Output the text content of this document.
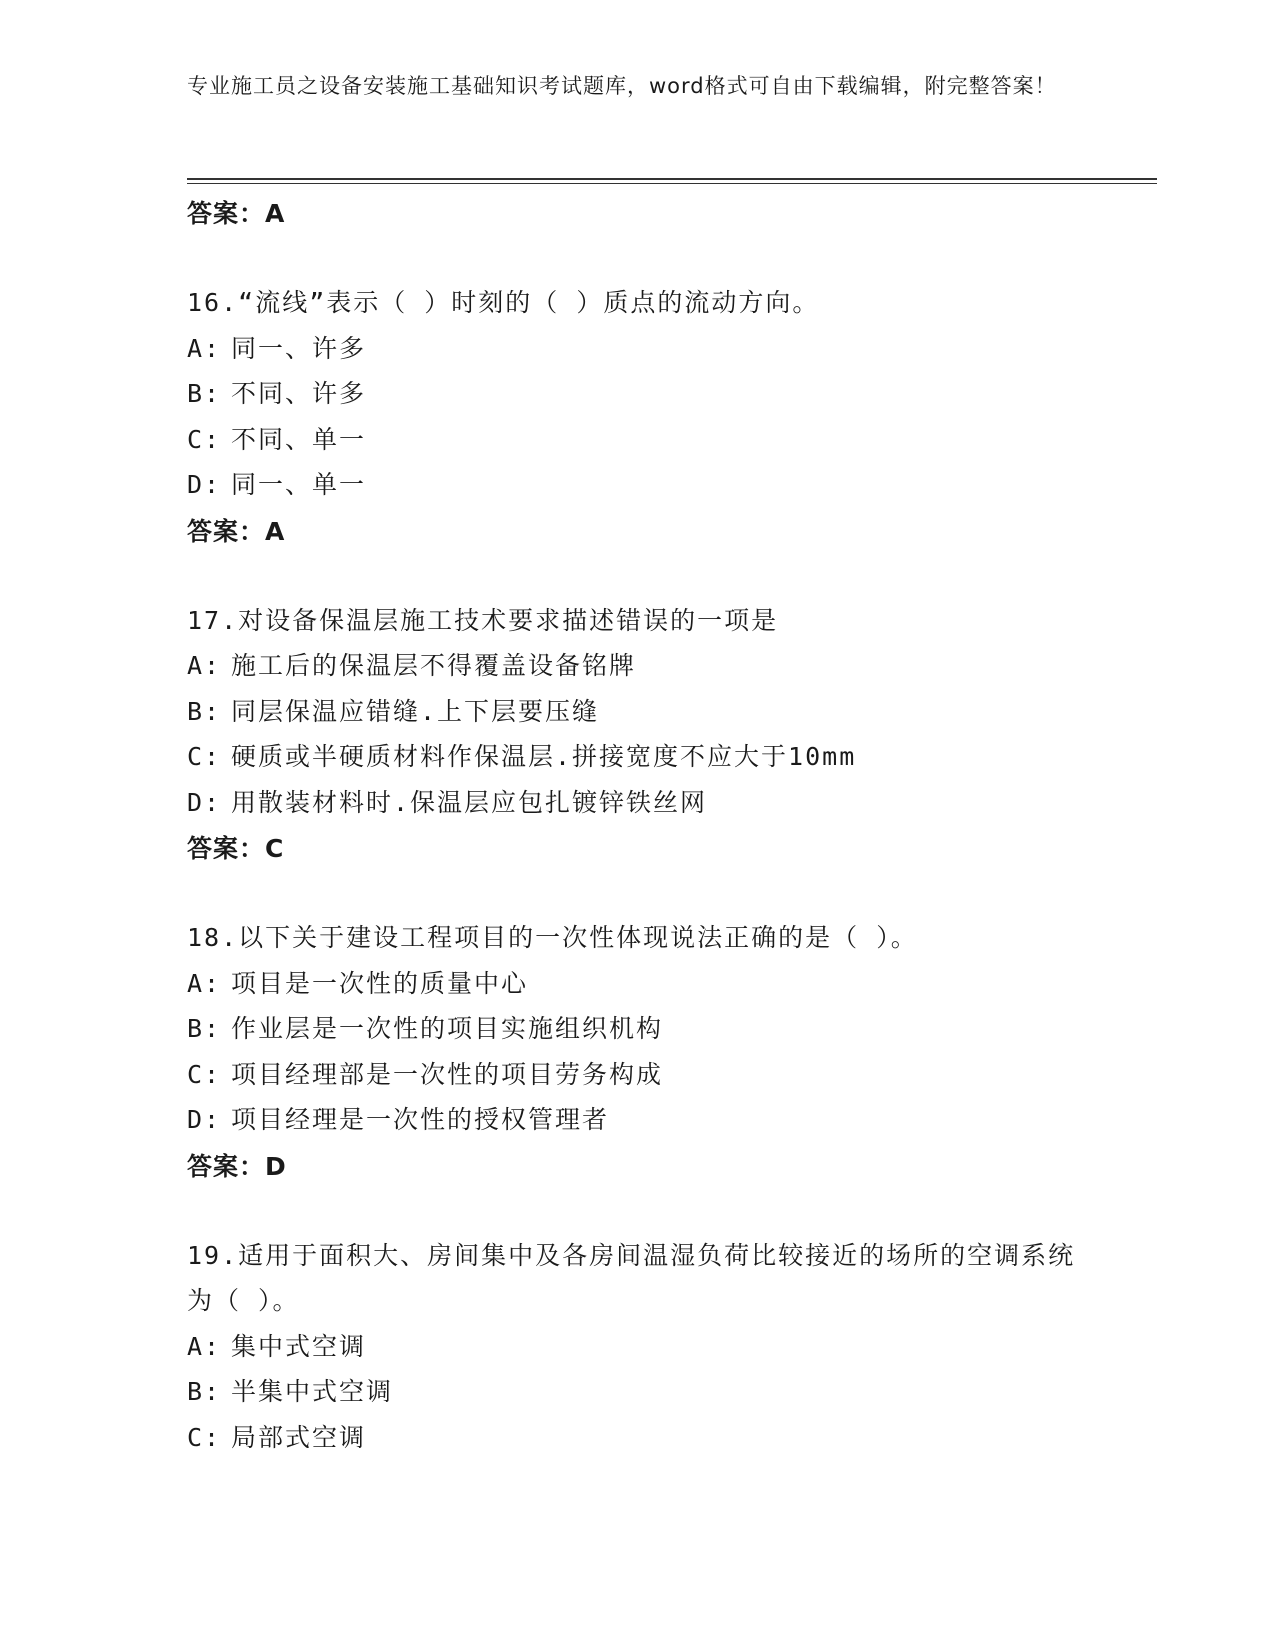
专业施工员之设备安装施工基础知识考试题库，word格式可自由下载编辑，附完整答案！
答案：A
16.“流线”表示（ ）时刻的（ ）质点的流动方向。
A: 同一、许多
B: 不同、许多
C: 不同、单一
D: 同一、单一
答案：A
17.对设备保温层施工技术要求描述错误的一项是
A: 施工后的保温层不得覆盖设备铭牌
B: 同层保温应错缝.上下层要压缝
C: 硬质或半硬质材料作保温层.拼接宽度不应大于10mm
D: 用散装材料时.保温层应包扎镀锌铁丝网
答案：C
18.以下关于建设工程项目的一次性体现说法正确的是（ ）。
A: 项目是一次性的质量中心
B: 作业层是一次性的项目实施组织机构
C: 项目经理部是一次性的项目劳务构成
D: 项目经理是一次性的授权管理者
答案：D
19.适用于面积大、房间集中及各房间温湿负荷比较接近的场所的空调系统为（ ）。
A: 集中式空调
B: 半集中式空调
C: 局部式空调
